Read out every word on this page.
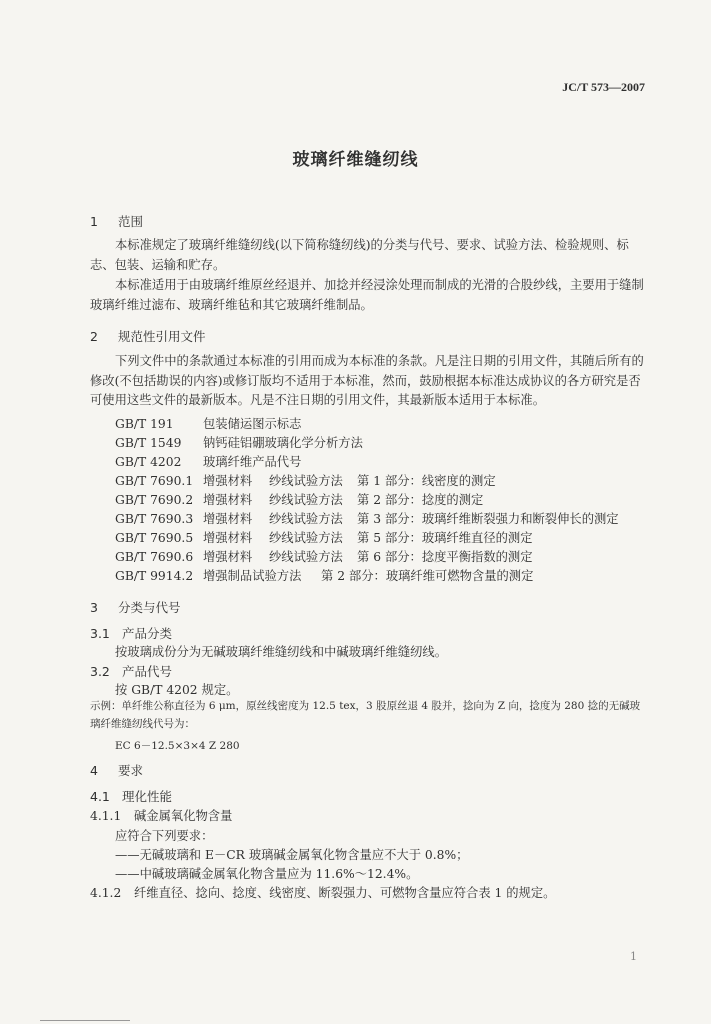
JC/T 573—2007
玻璃纤维缝纫线
1 范围
本标准规定了玻璃纤维缝纫线(以下简称缝纫线)的分类与代号、要求、试验方法、检验规则、标志、包装、运输和贮存。
本标准适用于由玻璃纤维原丝经退并、加捻并经浸涂处理而制成的光滑的合股纱线，主要用于缝制玻璃纤维过滤布、玻璃纤维毡和其它玻璃纤维制品。
2 规范性引用文件
下列文件中的条款通过本标准的引用而成为本标准的条款。凡是注日期的引用文件，其随后所有的修改(不包括勘误的内容)或修订版均不适用于本标准，然而，鼓励根据本标准达成协议的各方研究是否可使用这些文件的最新版本。凡是不注日期的引用文件，其最新版本适用于本标准。
GB/T 191 包装储运图示标志
GB/T 1549 钠钙硅铝硼玻璃化学分析方法
GB/T 4202 玻璃纤维产品代号
GB/T 7690.1 增强材料 纱线试验方法 第 1 部分：线密度的测定
GB/T 7690.2 增强材料 纱线试验方法 第 2 部分：捻度的测定
GB/T 7690.3 增强材料 纱线试验方法 第 3 部分：玻璃纤维断裂强力和断裂伸长的测定
GB/T 7690.5 增强材料 纱线试验方法 第 5 部分：玻璃纤维直径的测定
GB/T 7690.6 增强材料 纱线试验方法 第 6 部分：捻度平衡指数的测定
GB/T 9914.2 增强制品试验方法 第 2 部分：玻璃纤维可燃物含量的测定
3 分类与代号
3.1 产品分类
按玻璃成份分为无碱玻璃纤维缝纫线和中碱玻璃纤维缝纫线。
3.2 产品代号
按 GB/T 4202 规定。
示例：单纤维公称直径为 6 μm，原丝线密度为 12.5 tex，3 股原丝退 4 股并，捻向为 Z 向，捻度为 280 捻的无碱玻璃纤维缝纫线代号为：
EC 6－12.5×3×4 Z 280
4 要求
4.1 理化性能
4.1.1 碱金属氧化物含量
应符合下列要求：
——无碱玻璃和 E－CR 玻璃碱金属氧化物含量应不大于 0.8%；
——中碱玻璃碱金属氧化物含量应为 11.6%～12.4%。
4.1.2 纤维直径、捻向、捻度、线密度、断裂强力、可燃物含量应符合表 1 的规定。
1
